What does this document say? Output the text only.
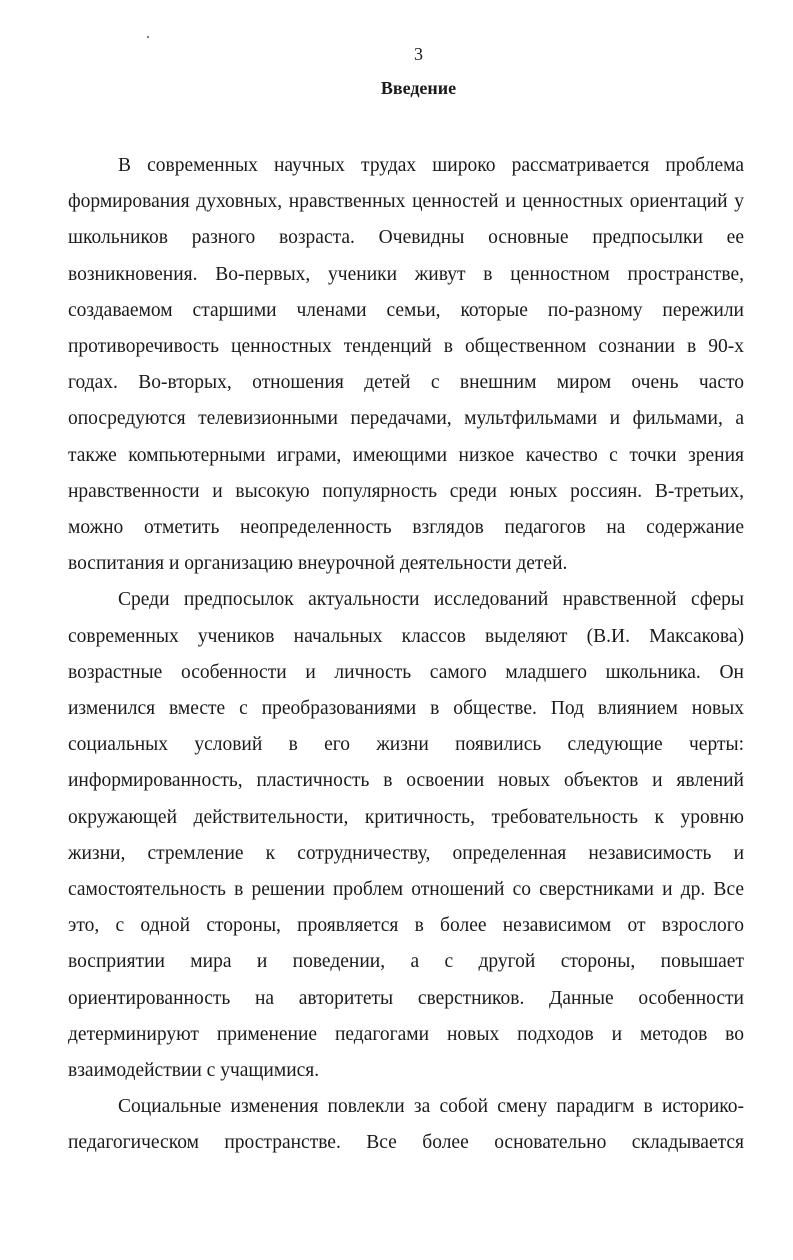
3
Введение
В современных научных трудах широко рассматривается проблема
формирования духовных, нравственных ценностей и ценностных ориентаций у
школьников разного возраста. Очевидны основные предпосылки ее
возникновения. Во-первых, ученики живут в ценностном пространстве,
создаваемом старшими членами семьи, которые по-разному пережили
противоречивость ценностных тенденций в общественном сознании в 90-х
годах. Во-вторых, отношения детей с внешним миром очень часто
опосредуются телевизионными передачами, мультфильмами и фильмами, а
также компьютерными играми, имеющими низкое качество с точки зрения
нравственности и высокую популярность среди юных россиян. В-третьих,
можно отметить неопределенность взглядов педагогов на содержание
воспитания и организацию внеурочной деятельности детей.
Среди предпосылок актуальности исследований нравственной сферы
современных учеников начальных классов выделяют (В.И. Максакова)
возрастные особенности и личность самого младшего школьника. Он
изменился вместе с преобразованиями в обществе. Под влиянием новых
социальных условий в его жизни появились следующие черты:
информированность, пластичность в освоении новых объектов и явлений
окружающей действительности, критичность, требовательность к уровню
жизни, стремление к сотрудничеству, определенная независимость и
самостоятельность в решении проблем отношений со сверстниками и др. Все
это, с одной стороны, проявляется в более независимом от взрослого
восприятии мира и поведении, а с другой стороны, повышает
ориентированность на авторитеты сверстников. Данные особенности
детерминируют применение педагогами новых подходов и методов во
взаимодействии с учащимися.
Социальные изменения повлекли за собой смену парадигм в историко-
педагогическом пространстве. Все более основательно складывается
